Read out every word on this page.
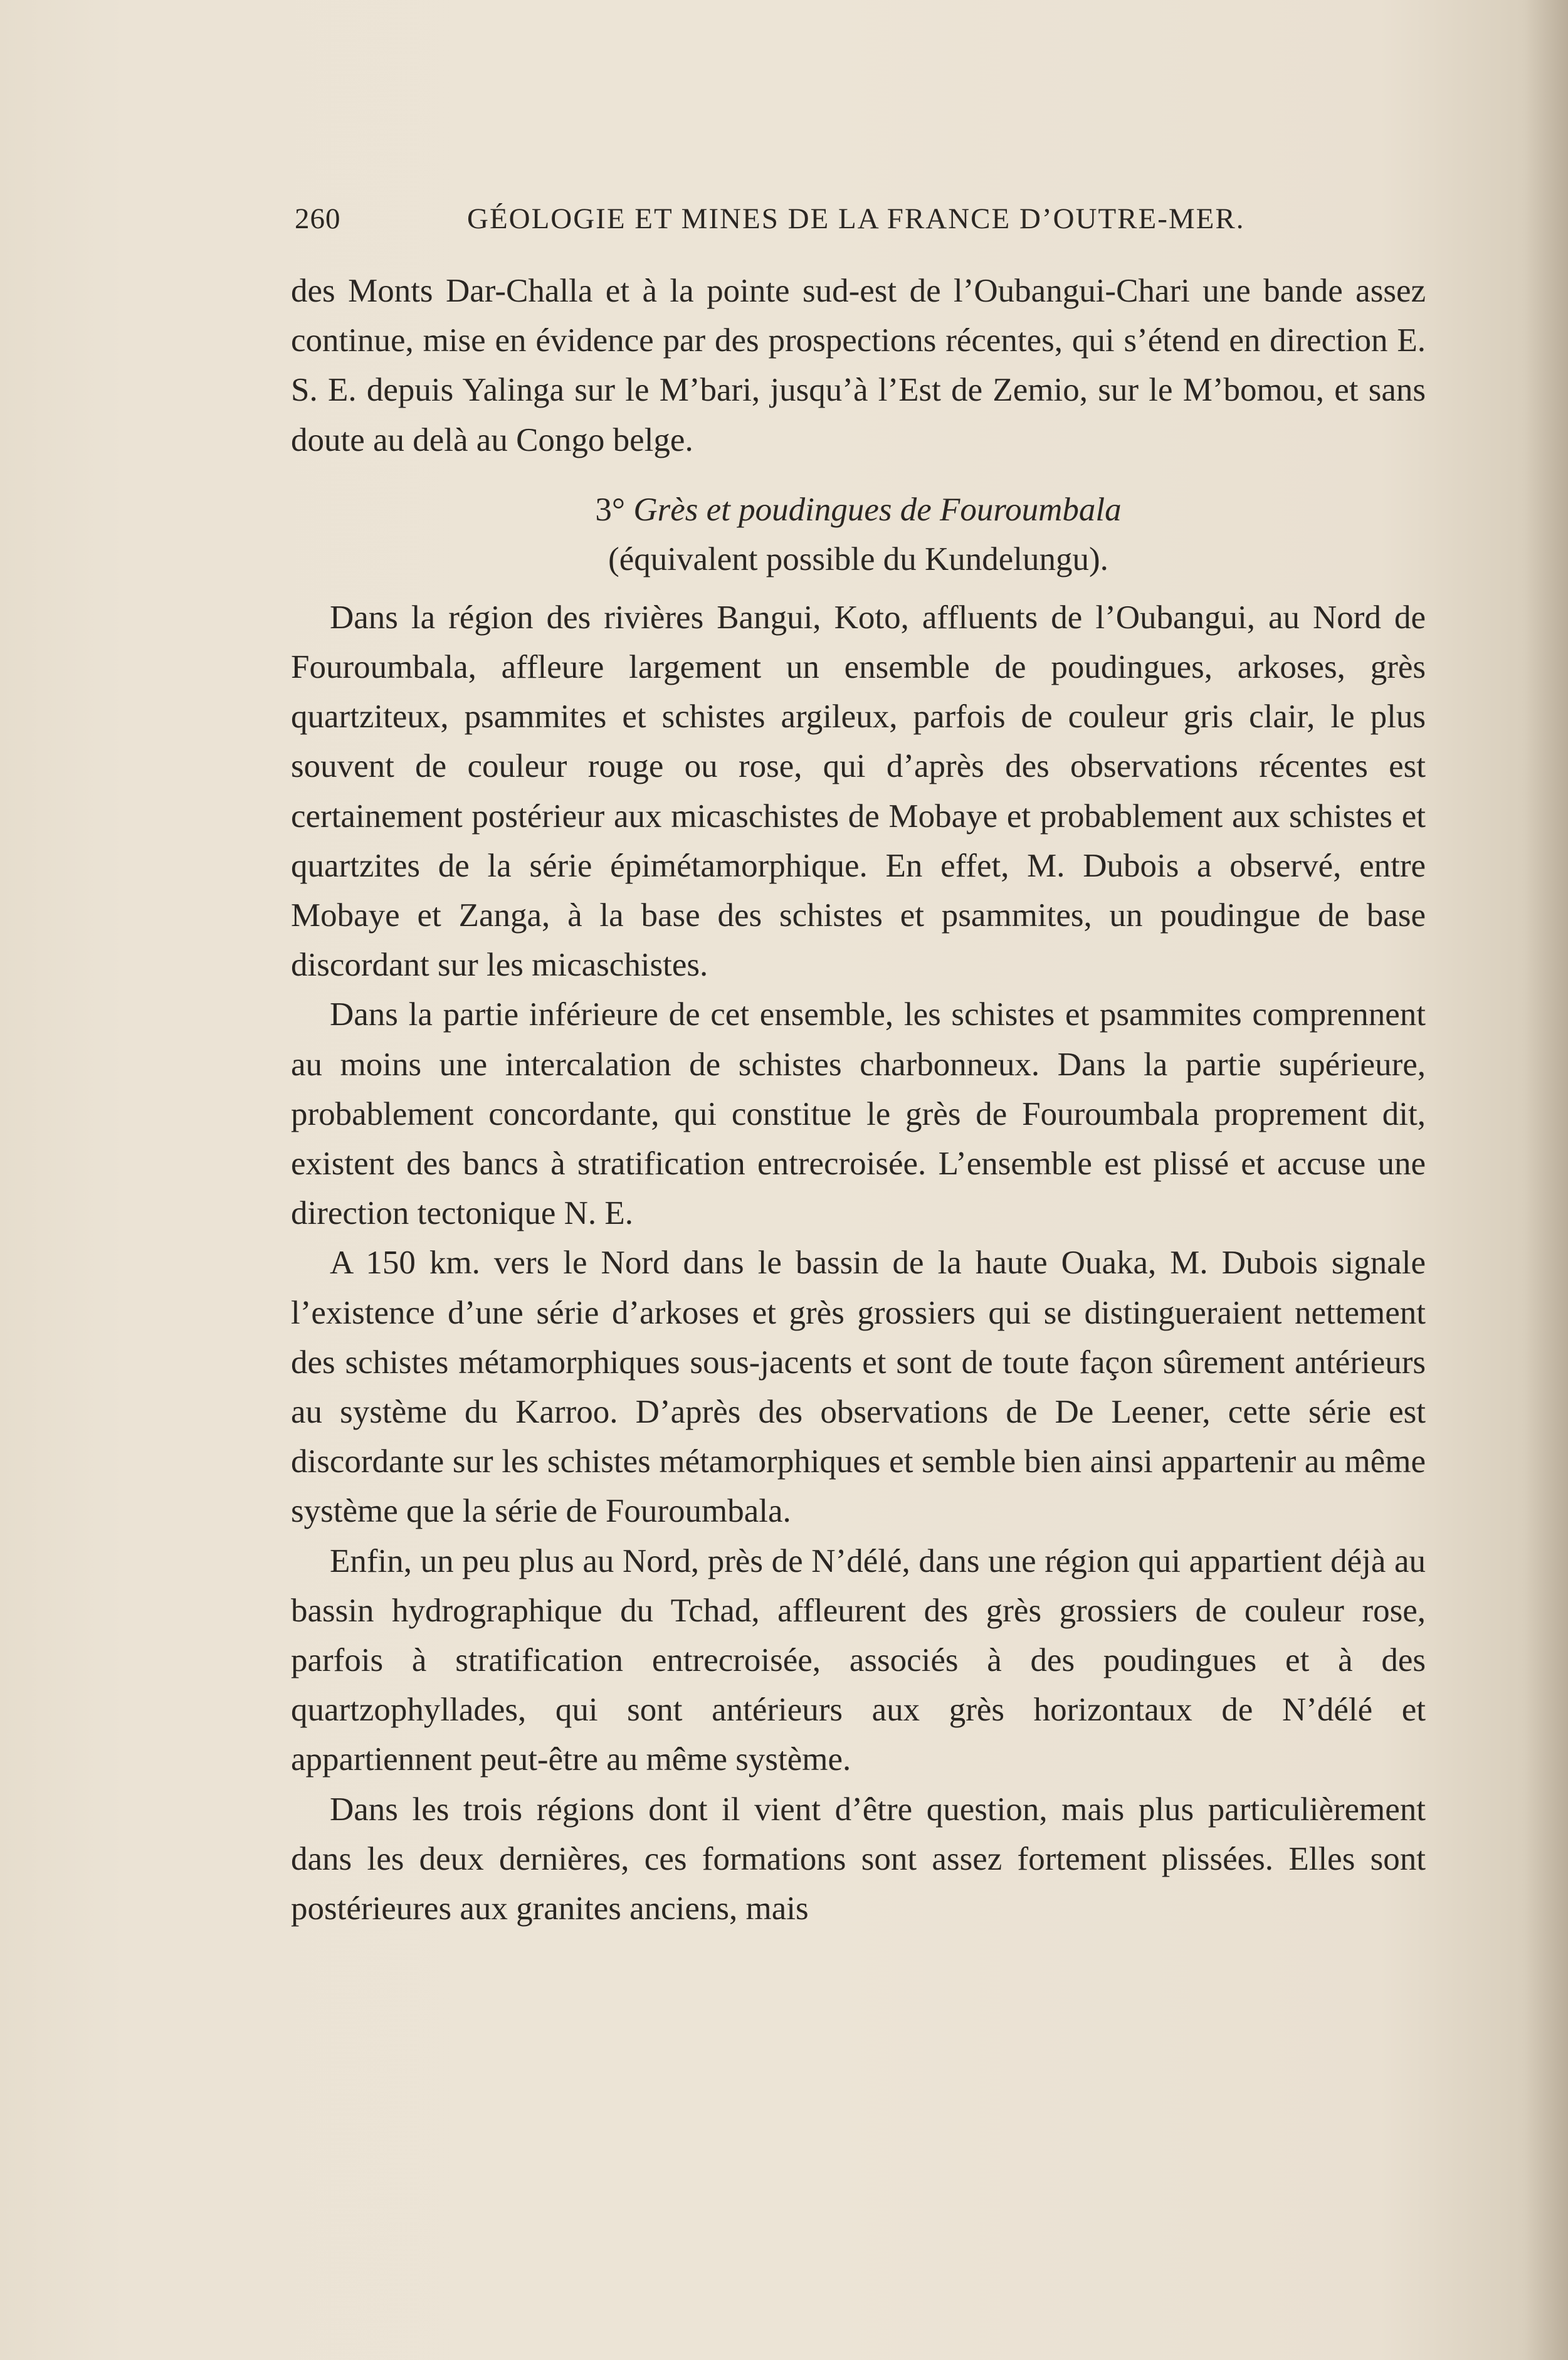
260	GÉOLOGIE ET MINES DE LA FRANCE D’OUTRE-MER.

des Monts Dar-Challa et à la pointe sud-est de l’Oubangui-Chari une bande assez continue, mise en évidence par des prospections récentes, qui s’étend en direction E. S. E. depuis Yalinga sur le M’bari, jusqu’à l’Est de Zemio, sur le M’bomou, et sans doute au delà au Congo belge.

3° Grès et poudingues de Fouroumbala
(équivalent possible du Kundelungu).

Dans la région des rivières Bangui, Koto, affluents de l’Oubangui, au Nord de Fouroumbala, affleure largement un ensemble de poudingues, arkoses, grès quartziteux, psammites et schistes argileux, parfois de couleur gris clair, le plus souvent de couleur rouge ou rose, qui d’après des observations récentes est certainement postérieur aux micaschistes de Mobaye et probablement aux schistes et quartzites de la série épimétamorphique. En effet, M. Dubois a observé, entre Mobaye et Zanga, à la base des schistes et psammites, un poudingue de base discordant sur les micaschistes.

Dans la partie inférieure de cet ensemble, les schistes et psammites comprennent au moins une intercalation de schistes charbonneux. Dans la partie supérieure, probablement concordante, qui constitue le grès de Fouroumbala proprement dit, existent des bancs à stratification entrecroisée. L’ensemble est plissé et accuse une direction tectonique N. E.

A 150 km. vers le Nord dans le bassin de la haute Ouaka, M. Dubois signale l’existence d’une série d’arkoses et grès grossiers qui se distingueraient nettement des schistes métamorphiques sous-jacents et sont de toute façon sûrement antérieurs au système du Karroo. D’après des observations de De Leener, cette série est discordante sur les schistes métamorphiques et semble bien ainsi appartenir au même système que la série de Fouroumbala.

Enfin, un peu plus au Nord, près de N’délé, dans une région qui appartient déjà au bassin hydrographique du Tchad, affleurent des grès grossiers de couleur rose, parfois à stratification entrecroisée, associés à des poudingues et à des quartzophyllades, qui sont antérieurs aux grès horizontaux de N’délé et appartiennent peut-être au même système.

Dans les trois régions dont il vient d’être question, mais plus particulièrement dans les deux dernières, ces formations sont assez fortement plissées. Elles sont postérieures aux granites anciens, mais
